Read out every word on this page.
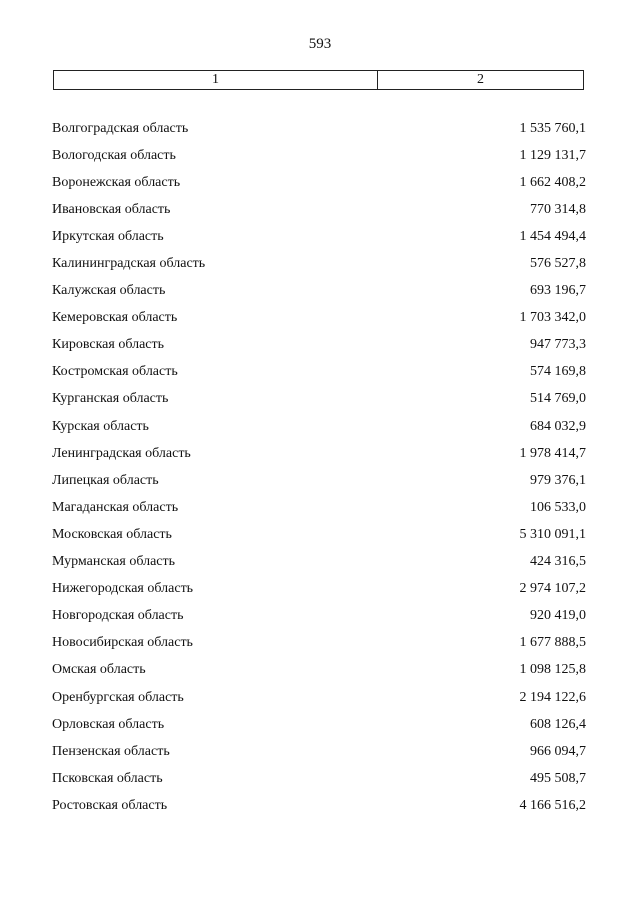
593
1	2
Волгоградская область	1 535 760,1
Вологодская область	1 129 131,7
Воронежская область	1 662 408,2
Ивановская область	770 314,8
Иркутская область	1 454 494,4
Калининградская область	576 527,8
Калужская область	693 196,7
Кемеровская область	1 703 342,0
Кировская область	947 773,3
Костромская область	574 169,8
Курганская область	514 769,0
Курская область	684 032,9
Ленинградская область	1 978 414,7
Липецкая область	979 376,1
Магаданская область	106 533,0
Московская область	5 310 091,1
Мурманская область	424 316,5
Нижегородская область	2 974 107,2
Новгородская область	920 419,0
Новосибирская область	1 677 888,5
Омская область	1 098 125,8
Оренбургская область	2 194 122,6
Орловская область	608 126,4
Пензенская область	966 094,7
Псковская область	495 508,7
Ростовская область	4 166 516,2
